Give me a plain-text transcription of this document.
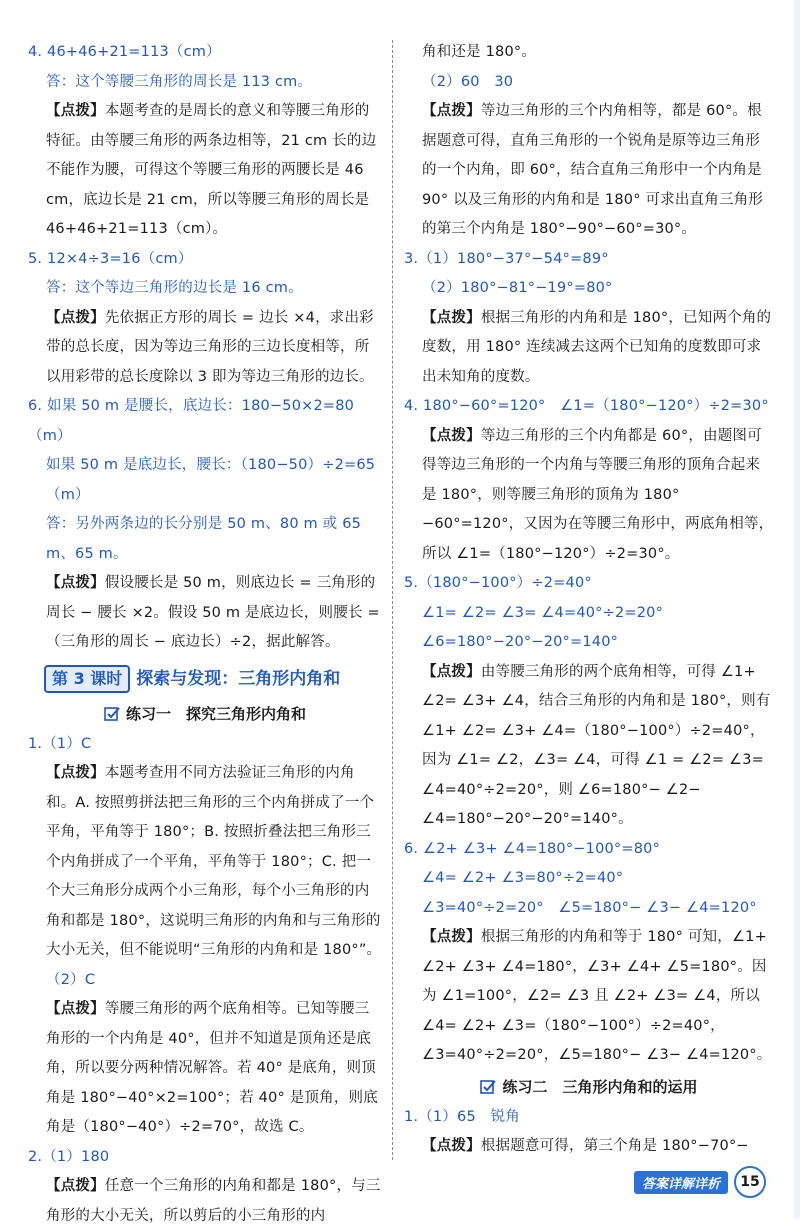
4. 46+46+21=113（cm）

答：这个等腰三角形的周长是 113 cm。

【点拨】本题考查的是周长的意义和等腰三角形的特征。由等腰三角形的两条边相等，21 cm 长的边不能作为腰，可得这个等腰三角形的两腰长是 46 cm，底边长是 21 cm，所以等腰三角形的周长是 46+46+21=113（cm）。

5. 12×4÷3=16（cm）

答：这个等边三角形的边长是 16 cm。

【点拨】先依据正方形的周长 = 边长 ×4，求出彩带的总长度，因为等边三角形的三边长度相等，所以用彩带的总长度除以 3 即为等边三角形的边长。

6. 如果 50 m 是腰长，底边长：180−50×2=80（m）

如果 50 m 是底边长，腰长：（180−50）÷2=65（m）

答：另外两条边的长分别是 50 m、80 m 或 65 m、65 m。

【点拨】假设腰长是 50 m，则底边长 = 三角形的周长 − 腰长 ×2。假设 50 m 是底边长，则腰长 =（三角形的周长 − 底边长）÷2，据此解答。

第 3 课时 探索与发现：三角形内角和
练习一　探究三角形内角和

1.（1）C

【点拨】本题考查用不同方法验证三角形的内角和。A. 按照剪拼法把三角形的三个内角拼成了一个平角，平角等于 180°；B. 按照折叠法把三角形三个内角拼成了一个平角，平角等于 180°；C. 把一个大三角形分成两个小三角形，每个小三角形的内角和都是 180°，这说明三角形的内角和与三角形的大小无关，但不能说明“三角形的内角和是 180°”。

（2）C

【点拨】等腰三角形的两个底角相等。已知等腰三角形的一个内角是 40°，但并不知道是顶角还是底角，所以要分两种情况解答。若 40° 是底角，则顶角是 180°−40°×2=100°；若 40° 是顶角，则底角是（180°−40°）÷2=70°，故选 C。

2.（1）180

【点拨】任意一个三角形的内角和都是 180°，与三角形的大小无关，所以剪后的小三角形的内

角和还是 180°。

（2）60　30

【点拨】等边三角形的三个内角相等，都是 60°。根据题意可得，直角三角形的一个锐角是原等边三角形的一个内角，即 60°，结合直角三角形中一个内角是 90° 以及三角形的内角和是 180° 可求出直角三角形的第三个内角是 180°−90°−60°=30°。

3.（1）180°−37°−54°=89°

（2）180°−81°−19°=80°

【点拨】根据三角形的内角和是 180°，已知两个角的度数，用 180° 连续减去这两个已知角的度数即可求出未知角的度数。

4. 180°−60°=120°　∠1=（180°−120°）÷2=30°

【点拨】等边三角形的三个内角都是 60°，由题图可得等边三角形的一个内角与等腰三角形的顶角合起来是 180°，则等腰三角形的顶角为 180°−60°=120°，又因为在等腰三角形中，两底角相等，所以 ∠1=（180°−120°）÷2=30°。

5.（180°−100°）÷2=40°

∠1= ∠2= ∠3= ∠4=40°÷2=20°

∠6=180°−20°−20°=140°

【点拨】由等腰三角形的两个底角相等，可得 ∠1+ ∠2= ∠3+ ∠4，结合三角形的内角和是 180°，则有 ∠1+ ∠2= ∠3+ ∠4=（180°−100°）÷2=40°，因为 ∠1= ∠2，∠3= ∠4，可得 ∠1 = ∠2= ∠3= ∠4=40°÷2=20°，则 ∠6=180°− ∠2− ∠4=180°−20°−20°=140°。

6. ∠2+ ∠3+ ∠4=180°−100°=80°

∠4= ∠2+ ∠3=80°÷2=40°

∠3=40°÷2=20°　∠5=180°− ∠3− ∠4=120°

【点拨】根据三角形的内角和等于 180° 可知，∠1+ ∠2+ ∠3+ ∠4=180°，∠3+ ∠4+ ∠5=180°。因为 ∠1=100°，∠2= ∠3 且 ∠2+ ∠3= ∠4，所以 ∠4= ∠2+ ∠3=（180°−100°）÷2=40°，∠3=40°÷2=20°，∠5=180°− ∠3− ∠4=120°。

练习二　三角形内角和的运用

1.（1）65　锐角

【点拨】根据题意可得，第三个角是 180°−70°−

答案详解详析	15
